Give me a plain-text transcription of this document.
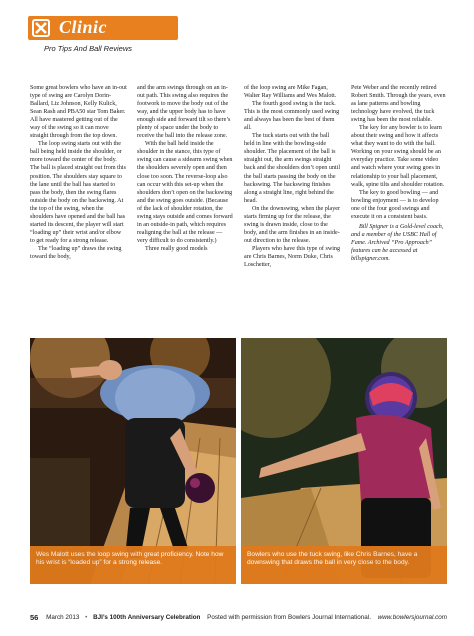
Clinic
Pro Tips And Ball Reviews

Some great bowlers who have an in-out type of swing are Carolyn Dorin-Ballard, Liz Johnson, Kelly Kulick, Sean Rash and PBA50 star Tom Baker. All have mastered getting out of the way of the swing so it can move straight through from the top down.

The loop swing starts out with the ball being held inside the shoulder, or more toward the center of the body. The ball is placed straight out from this position. The shoulders stay square to the lane until the ball has started to pass the body, then the swing flares outside the body on the backswing. At the top of the swing, when the shoulders have opened and the ball has started its descent, the player will start “loading up” their wrist and/or elbow to get ready for a strong release.

The “loading up” draws the swing toward the body,

and the arm swings through on an in-out path. This swing also requires the footwork to move the body out of the way, and the upper body has to have enough side and forward tilt so there’s plenty of space under the body to receive the ball into the release zone.

With the ball held inside the shoulder in the stance, this type of swing can cause a sidearm swing when the shoulders severely open and then close too soon. The reverse-loop also can occur with this set-up when the shoulders don’t open on the backswing and the swing goes outside. (Because of the lack of shoulder rotation, the swing stays outside and comes forward in an outside-in path, which requires realigning the ball at the release — very difficult to do consistently.)

Three really good models

of the loop swing are Mike Fagan, Walter Ray Williams and Wes Malott.

The fourth good swing is the tuck. This is the most commonly used swing and always has been the best of them all.

The tuck starts out with the ball held in line with the bowling-side shoulder. The placement of the ball is straight out, the arm swings straight back and the shoulders don’t open until the ball starts passing the body on the backswing. The backswing finishes along a straight line, right behind the head.

On the downswing, when the player starts firming up for the release, the swing is drawn inside, close to the body, and the arm finishes in an inside-out direction to the release.

Players who have this type of swing are Chris Barnes, Norm Duke, Chris Loschetter,

Pete Weber and the recently retired Robert Smith. Through the years, even as lane patterns and bowling technology have evolved, the tuck swing has been the most reliable.

The key for any bowler is to learn about their swing and how it affects what they want to do with the ball. Working on your swing should be an everyday practice. Take some video and watch where your swing goes in relationship to your ball placement, walk, spine tilts and shoulder rotation.

The key to good bowling — and bowling enjoyment — is to develop one of the four good swings and execute it on a consistent basis.

Bill Spigner is a Gold-level coach, and a member of the USBC Hall of Fame. Archived “Pro Approach” features can be accessed at billspigner.com.

Wes Malott uses the loop swing with great proficiency. Note how his wrist is “loaded up” for a strong release.
Bowlers who use the tuck swing, like Chris Barnes, have a downswing that draws the ball in very close to the body.
56 March 2013 • BJI’s 100th Anniversary Celebration Posted with permission from Bowlers Journal International. www.bowlersjournal.com
